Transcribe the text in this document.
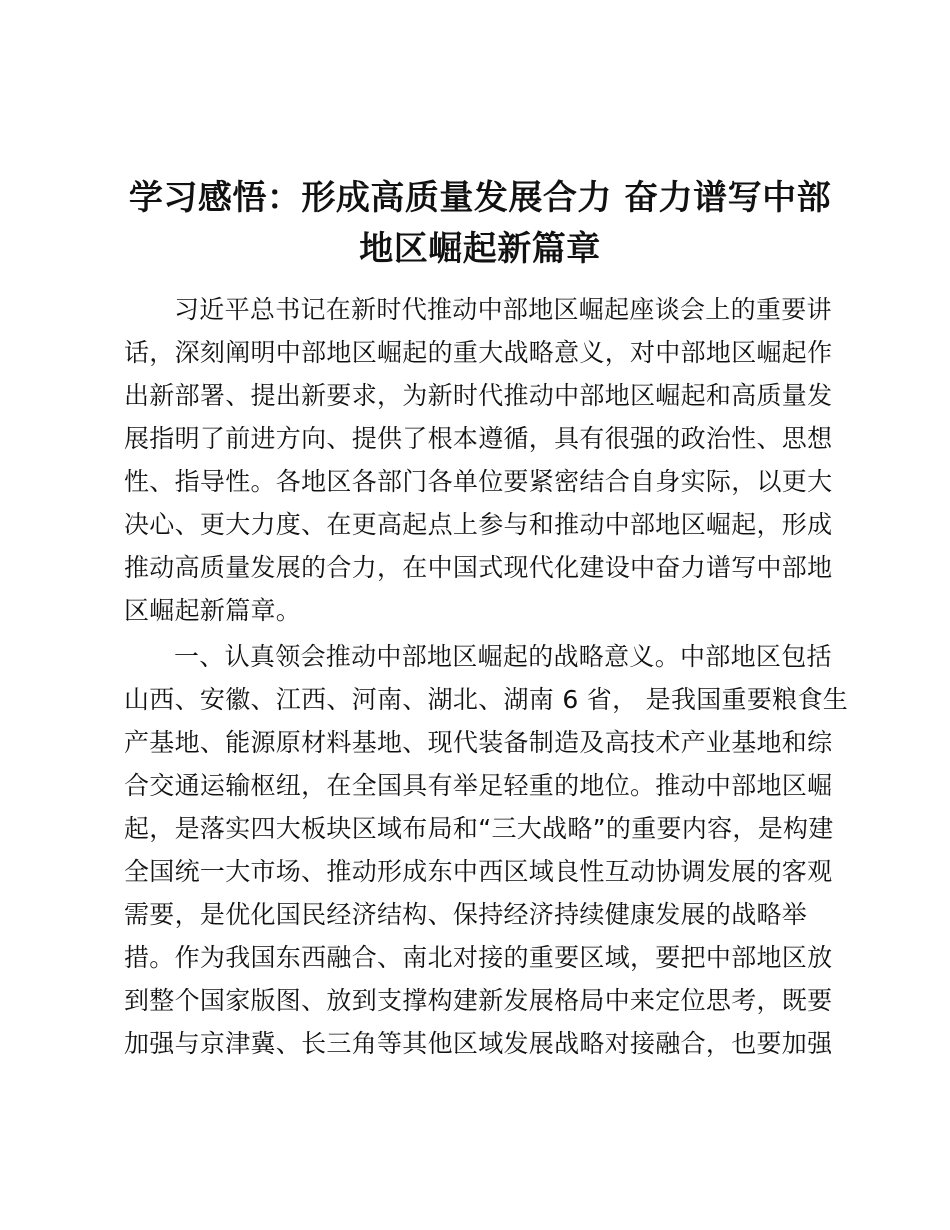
学习感悟：形成高质量发展合力 奋力谱写中部
地区崛起新篇章

习近平总书记在新时代推动中部地区崛起座谈会上的重要讲

话，深刻阐明中部地区崛起的重大战略意义，对中部地区崛起作

出新部署、提出新要求，为新时代推动中部地区崛起和高质量发

展指明了前进方向、提供了根本遵循，具有很强的政治性、思想

性、指导性。各地区各部门各单位要紧密结合自身实际，以更大

决心、更大力度、在更高起点上参与和推动中部地区崛起，形成

推动高质量发展的合力，在中国式现代化建设中奋力谱写中部地

区崛起新篇章。

一、认真领会推动中部地区崛起的战略意义。中部地区包括

山西、安徽、江西、河南、湖北、湖南 6 省， 是我国重要粮食生

产基地、能源原材料基地、现代装备制造及高技术产业基地和综

合交通运输枢纽，在全国具有举足轻重的地位。推动中部地区崛

起，是落实四大板块区域布局和“三大战略”的重要内容，是构建

全国统一大市场、推动形成东中西区域良性互动协调发展的客观

需要，是优化国民经济结构、保持经济持续健康发展的战略举

措。作为我国东西融合、南北对接的重要区域，要把中部地区放

到整个国家版图、放到支撑构建新发展格局中来定位思考，既要

加强与京津冀、长三角等其他区域发展战略对接融合，也要加强
